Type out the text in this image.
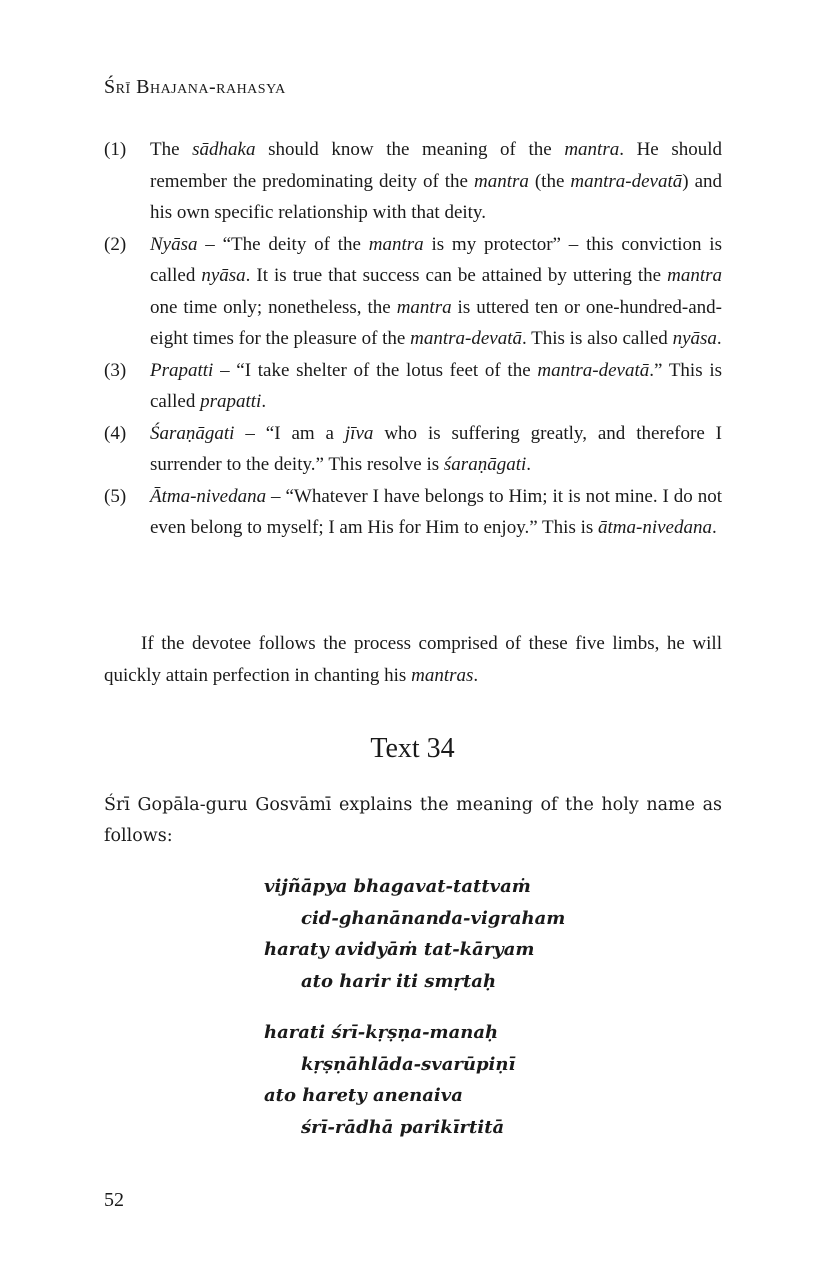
Śrī Bhajana-rahasya
(1) The sādhaka should know the meaning of the mantra. He should remember the predominating deity of the mantra (the mantra-devatā) and his own specific relationship with that deity.
(2) Nyāsa – “The deity of the mantra is my protector” – this conviction is called nyāsa. It is true that success can be attained by uttering the mantra one time only; nonetheless, the mantra is uttered ten or one-hundred-and-eight times for the pleasure of the mantra-devatā. This is also called nyāsa.
(3) Prapatti – “I take shelter of the lotus feet of the mantra-devatā.” This is called prapatti.
(4) Śaraṇāgati – “I am a jīva who is suffering greatly, and therefore I surrender to the deity.” This resolve is śaraṇāgati.
(5) Ātma-nivedana – “Whatever I have belongs to Him; it is not mine. I do not even belong to myself; I am His for Him to enjoy.” This is ātma-nivedana.
If the devotee follows the process comprised of these five limbs, he will quickly attain perfection in chanting his mantras.
Text 34
Śrī Gopāla-guru Gosvāmī explains the meaning of the holy name as follows:
vijñāpya bhagavat-tattvaṁ
cid-ghanānanda-vigraham
haraty avidyāṁ tat-kāryam
ato harir iti smṛtaḥ
harati śrī-kṛṣṇa-manaḥ
kṛṣṇāhlāda-svarūpiṇī
ato harety anenaiva
śrī-rādhā parikīrtitā
52
